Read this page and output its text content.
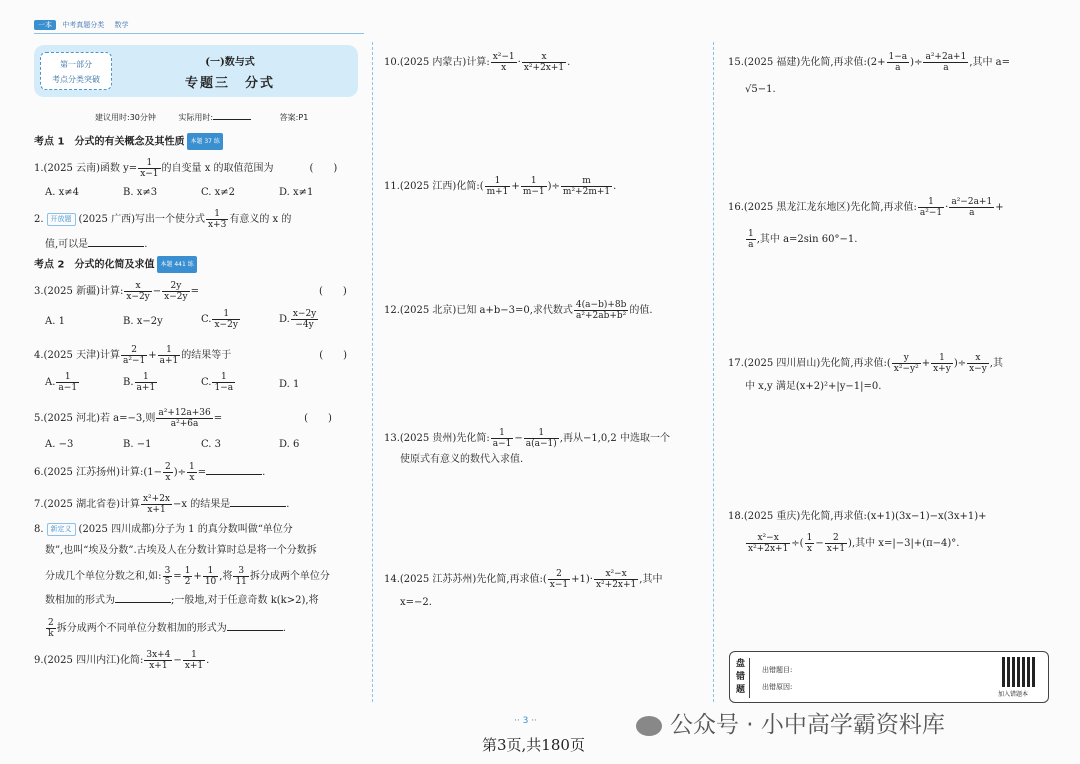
一本 中考真题分类 数学
第一部分
考点分类突破
(一)数与式
专题三　分式
建议用时:30分钟	实际用时:	答案:P1
考点 1　分式的有关概念及其性质 本题 37 练
1.(2025 云南)函数 $y= \frac{1}{x-1}$ 的自变量 x 的取值范围为	(　　)
A. x≠4	B. x≠3	C. x≠2	D. x≠1
2. 开放题 (2025 广西)写出一个使分式 $\frac{1}{x+3}$ 有意义的 x 的
值,可以是	.
考点 2　分式的化简及求值 本题 441 练
3.(2025 新疆)计算: $\frac{x}{x-2y} - \frac{2y}{x-2y}$ =	(　　)
A. 1	B. x−2y	C. $\frac{1}{x-2y}$	D. $\frac{x-2y}{-4y}$
4.(2025 天津)计算 $\frac{2}{\text{a²−1}} + \frac{1}{a+1}$ 的结果等于	(　　)
A. $\frac{1}{a-1}$	B. $\frac{1}{a+1}$	C. $\frac{1}{1-a}$	D. 1
5.(2025 河北)若 a=−3,则 $\frac{\text{a²+12a+36}}{\text{a²+6a}}$ =	(　　)
A. −3	B. −1	C. 3	D. 6
6.(2025 江苏扬州)计算:(1− $\frac{2}{x}$ )÷ $\frac{1}{x}$ =	.
7.(2025 湖北省卷)计算 $\frac{\text{x²+2x}}{x+1} -x$ 的结果是	.
8. 新定义 (2025 四川成都)分子为 1 的真分数叫做“单位分
数”,也叫“埃及分数”.古埃及人在分数计算时总是将一个分数拆
分成几个单位分数之和,如: $\frac{3}{5} = \frac{1}{2} + \frac{1}{10}$ ,将 $\frac{3}{11}$ 拆分成两个单位分
数相加的形式为	;一般地,对于任意奇数 k(k>2),将
$\frac{2}{k}$ 拆分成两个不同单位分数相加的形式为	.
9.(2025 四川内江)化简: $\frac{3x+4}{x+1} - \frac{1}{x+1}$ .
10.(2025 内蒙古)计算: $\frac{\text{x²−1}}{x} \cdot \frac{x}{\text{x²+2x+1}}$ .
11.(2025 江西)化简:( $\frac{1}{m+1} + \frac{1}{m-1}$ )÷ $\frac{m}{\text{m²+2m+1}}$ .
12.(2025 北京)已知 a+b−3=0,求代数式 $\frac{4(a-b)+8b}{\text{a²+2ab+b²}}$ 的值.
13.(2025 贵州)先化简: $\frac{1}{a-1} - \frac{1}{a(a-1)}$ ,再从−1,0,2 中选取一个
使原式有意义的数代入求值.
14.(2025 江苏苏州)先化简,再求值:( $\frac{2}{x-1} +1)\cdot \frac{\text{x²−x}}{\text{x²+2x+1}}$ ,其中
x=−2.
15.(2025 福建)先化简,再求值:(2+ $\frac{1-a}{a}$ )÷ $\frac{\text{a²+2a+1}}{a}$ ,其中 a=
√5−1.
16.(2025 黑龙江龙东地区)先化简,再求值: $\frac{1}{\text{a²−1}} \cdot \frac{\text{a²−2a+1}}{a}$ +
$\frac{1}{a}$ ,其中 a=2sin 60°−1.
17.(2025 四川眉山)先化简,再求值:( $\frac{y}{\text{x²−y²}} + \frac{1}{x+y}$ )÷ $\frac{x}{x-y}$ ,其
中 x,y 满足(x+2)²+|y−1|=0.
18.(2025 重庆)先化简,再求值:(x+1)(3x−1)−x(3x+1)+
$\frac{\text{x²−x}}{\text{x²+2x+1}}$ ÷( $\frac{1}{x} - \frac{2}{x+1}$ ),其中 x=|−3|+(π−4)°.
盘错题
出错题目:
出错原因:
加入错题本
·· 3 ··	公众号 · 小中高学霸资料库
第3页,共180页
